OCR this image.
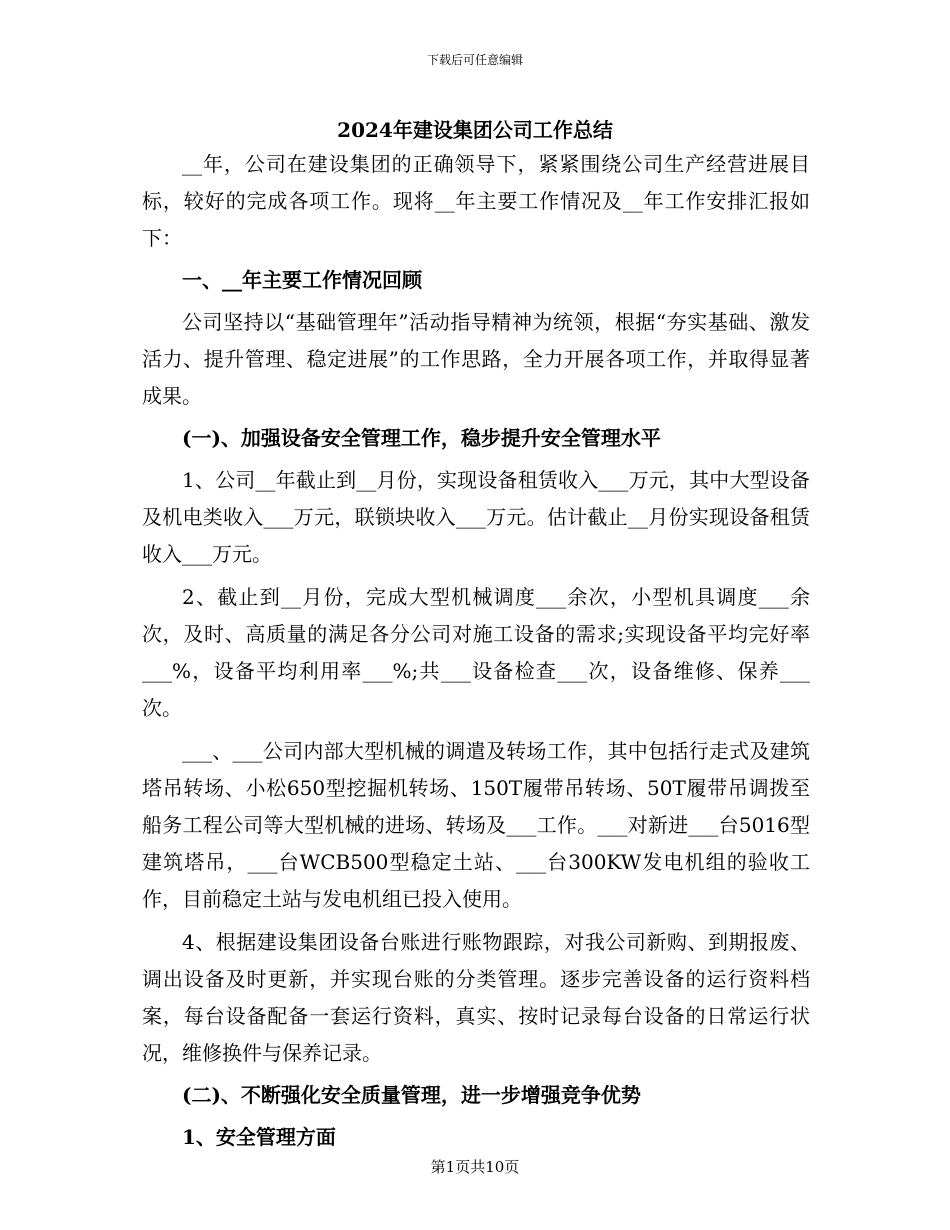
下载后可任意编辑
2024年建设集团公司工作总结

__年，公司在建设集团的正确领导下，紧紧围绕公司生产经营进展目标，较好的完成各项工作。现将__年主要工作情况及__年工作安排汇报如下：

一、__年主要工作情况回顾

公司坚持以“基础管理年”活动指导精神为统领，根据“夯实基础、激发活力、提升管理、稳定进展”的工作思路，全力开展各项工作，并取得显著成果。

(一)、加强设备安全管理工作，稳步提升安全管理水平

1、公司__年截止到__月份，实现设备租赁收入___万元，其中大型设备及机电类收入___万元，联锁块收入___万元。估计截止__月份实现设备租赁收入___万元。

2、截止到__月份，完成大型机械调度___余次，小型机具调度___余次，及时、高质量的满足各分公司对施工设备的需求;实现设备平均完好率___%，设备平均利用率___%;共___设备检查___次，设备维修、保养___次。

___、___公司内部大型机械的调遣及转场工作，其中包括行走式及建筑塔吊转场、小松650型挖掘机转场、150T履带吊转场、50T履带吊调拨至船务工程公司等大型机械的进场、转场及___工作。___对新进___台5016型建筑塔吊，___台WCB500型稳定土站、___台300KW发电机组的验收工作，目前稳定土站与发电机组已投入使用。

4、根据建设集团设备台账进行账物跟踪，对我公司新购、到期报废、调出设备及时更新，并实现台账的分类管理。逐步完善设备的运行资料档案，每台设备配备一套运行资料，真实、按时记录每台设备的日常运行状况，维修换件与保养记录。

(二)、不断强化安全质量管理，进一步增强竞争优势

1、安全管理方面

第1页共10页
